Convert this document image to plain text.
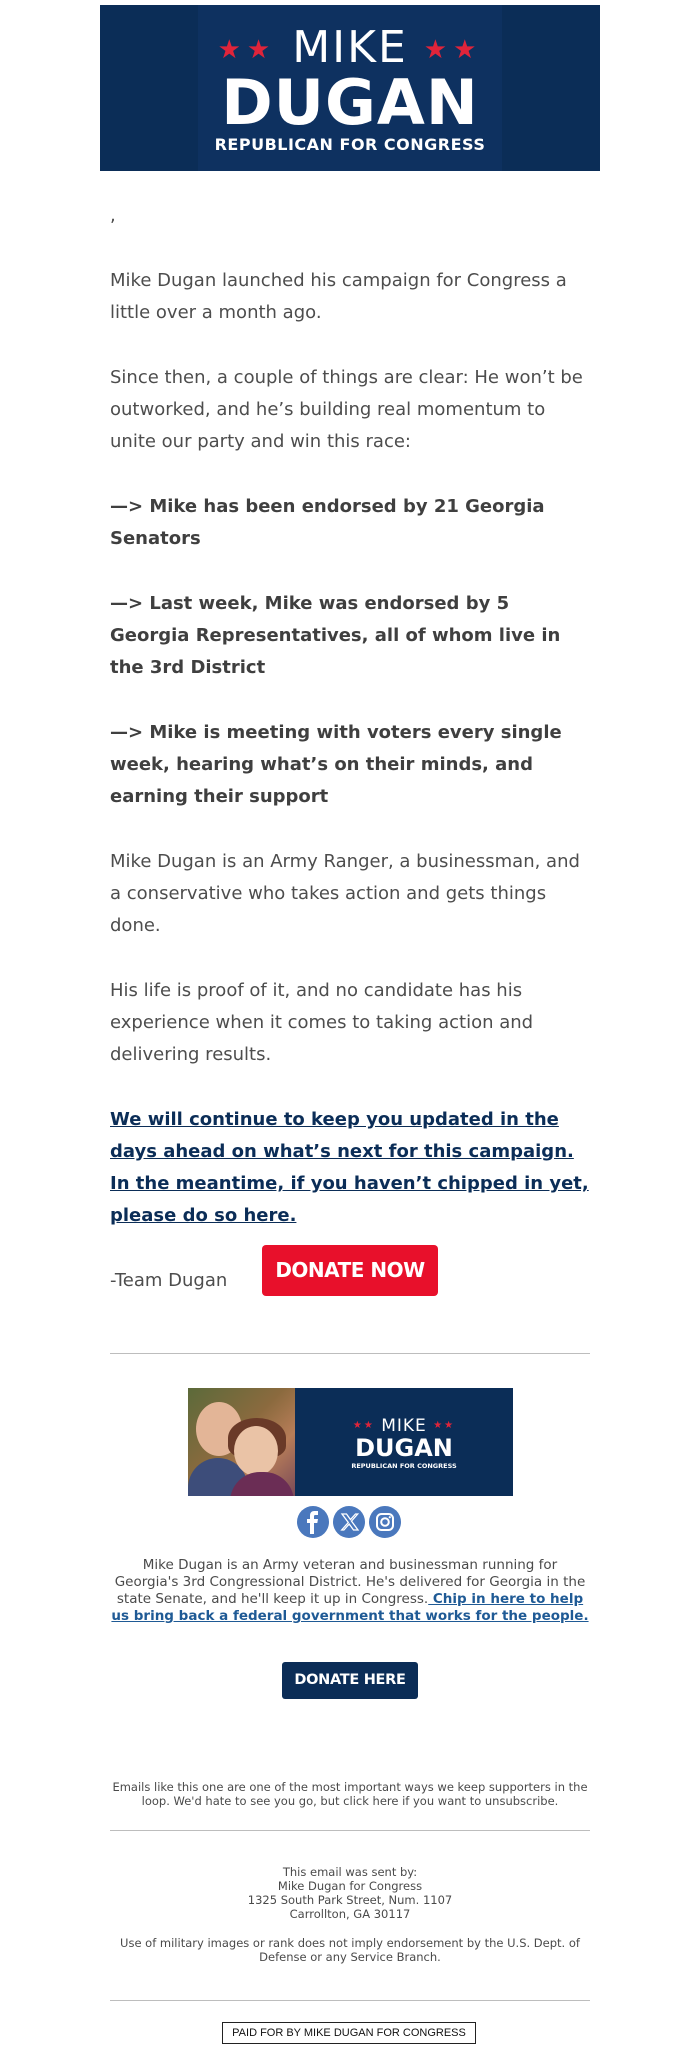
★★ MIKE ★★
DUGAN
REPUBLICAN FOR CONGRESS

,

Mike Dugan launched his campaign for Congress a little over a month ago.

Since then, a couple of things are clear: He won’t be outworked, and he’s building real momentum to unite our party and win this race:

—> Mike has been endorsed by 21 Georgia Senators

—> Last week, Mike was endorsed by 5 Georgia Representatives, all of whom live in the 3rd District

—> Mike is meeting with voters every single week, hearing what’s on their minds, and earning their support

Mike Dugan is an Army Ranger, a businessman, and a conservative who takes action and gets things done.

His life is proof of it, and no candidate has his experience when it comes to taking action and delivering results.

We will continue to keep you updated in the days ahead on what’s next for this campaign. In the meantime, if you haven’t chipped in yet, please do so here.

-Team Dugan	DONATE NOW
★★ MIKE ★★
DUGAN
REPUBLICAN FOR CONGRESS
Mike Dugan is an Army veteran and businessman running for Georgia's 3rd Congressional District. He's delivered for Georgia in the state Senate, and he'll keep it up in Congress. Chip in here to help us bring back a federal government that works for the people.
DONATE HERE
Emails like this one are one of the most important ways we keep supporters in the loop. We'd hate to see you go, but click here if you want to unsubscribe.
This email was sent by:
Mike Dugan for Congress
1325 South Park Street, Num. 1107
Carrollton, GA 30117
Use of military images or rank does not imply endorsement by the U.S. Dept. of Defense or any Service Branch.
PAID FOR BY MIKE DUGAN FOR CONGRESS
